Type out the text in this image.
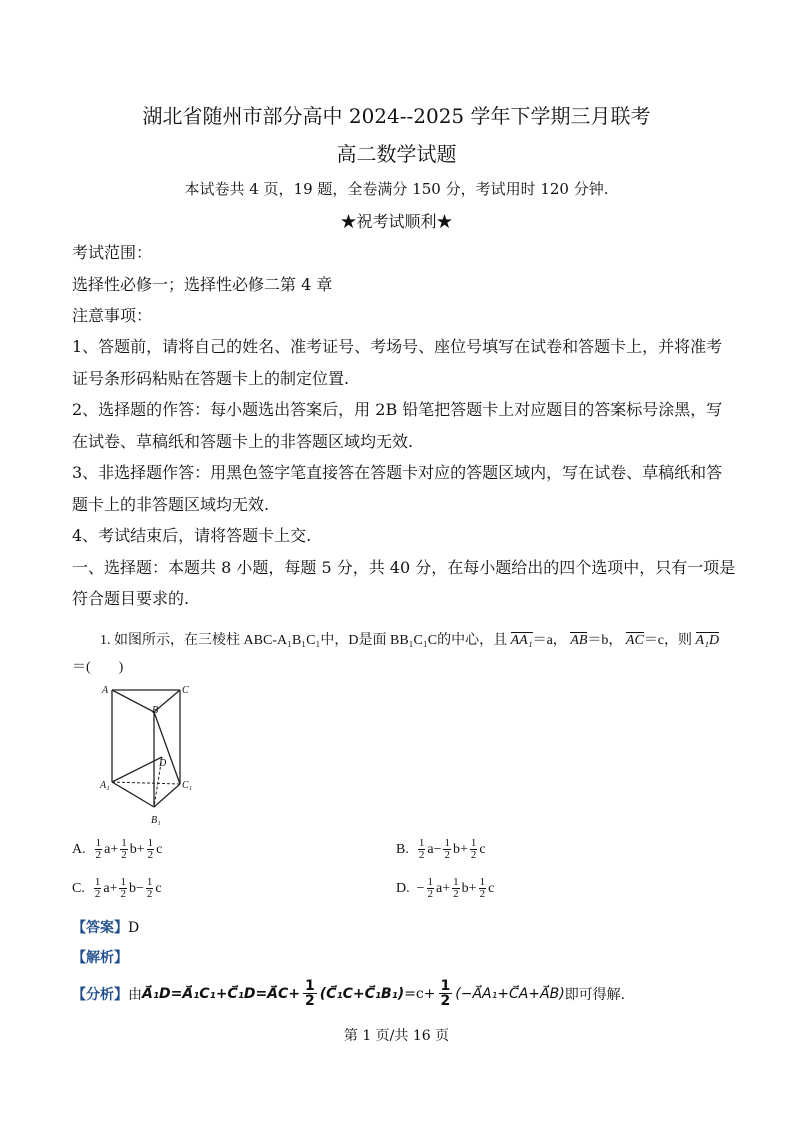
湖北省随州市部分高中 2024--2025 学年下学期三月联考
高二数学试题
本试卷共 4 页，19 题，全卷满分 150 分，考试用时 120 分钟.
★祝考试顺利★
考试范围：
选择性必修一；选择性必修二第 4 章
注意事项：
1、答题前，请将自己的姓名、准考证号、考场号、座位号填写在试卷和答题卡上，并将准考
证号条形码粘贴在答题卡上的制定位置.
2、选择题的作答：每小题选出答案后，用 2B 铅笔把答题卡上对应题目的答案标号涂黑，写
在试卷、草稿纸和答题卡上的非答题区域均无效.
3、非选择题作答：用黑色签字笔直接答在答题卡对应的答题区域内，写在试卷、草稿纸和答
题卡上的非答题区域均无效.
4、考试结束后，请将答题卡上交.
一、选择题：本题共 8 小题，每题 5 分，共 40 分，在每小题给出的四个选项中，只有一项是
符合题目要求的.
1. 如图所示，在三棱柱 ABC-A₁B₁C₁中，D是面 BB₁C₁C的中心，且 AA₁＝a， AB＝b， AC＝c，则 A₁D
＝(　　)
A	C
B
D
A₁	C₁
B₁
A.
$\frac{1}{2}$ $a + \frac{1}{2}$ $b + \frac{1}{2}$ c	B.
$\frac{1}{2}$ $a - \frac{1}{2}$ $b + \frac{1}{2}$ c
C.
$\frac{1}{2}$ $a + \frac{1}{2}$ $b - \frac{1}{2}$ c	D.
− $\frac{1}{2}$ $a + \frac{1}{2}$ $b + \frac{1}{2}$ c
【答案】D
【解析】
【分析】 由 A⃗₁D=A⃗₁C₁+C⃗₁D=A⃗C+ $\frac{1}{2}$ (C⃗₁C+C⃗₁B₁) $=c+ \frac{1}{2}$ (−A⃗A₁+C⃗A+A⃗B) 即可得解.
第 1 页/共 16 页
